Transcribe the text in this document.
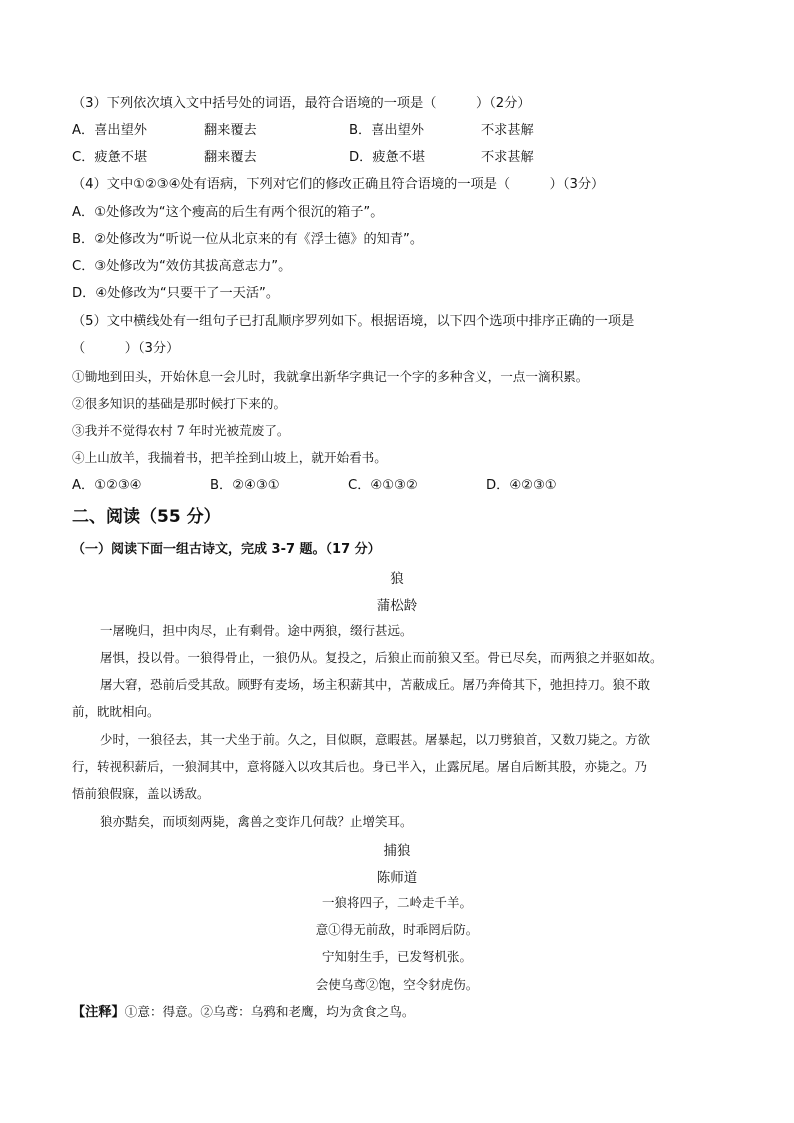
（3）下列依次填入文中括号处的词语，最符合语境的一项是（　　　）（2分）
A．喜出望外	翻来覆去	B．喜出望外	不求甚解
C．疲惫不堪	翻来覆去	D．疲惫不堪	不求甚解
（4）文中①②③④处有语病，下列对它们的修改正确且符合语境的一项是（　　　）（3分）
A．①处修改为“这个瘦高的后生有两个很沉的箱子”。
B．②处修改为“听说一位从北京来的有《浮士德》的知青”。
C．③处修改为“效仿其拔高意志力”。
D．④处修改为“只要干了一天活”。
（5）文中横线处有一组句子已打乱顺序罗列如下。根据语境，以下四个选项中排序正确的一项是
（　　　）（3分）
①锄地到田头，开始休息一会儿时，我就拿出新华字典记一个字的多种含义，一点一滴积累。
②很多知识的基础是那时候打下来的。
③我并不觉得农村 7 年时光被荒废了。
④上山放羊，我揣着书，把羊拴到山坡上，就开始看书。
A．①②③④	B．②④③①	C．④①③②	D．④②③①
二、阅读（55 分）
（一）阅读下面一组古诗文，完成 3-7 题。（17 分）
狼
蒲松龄
一屠晚归，担中肉尽，止有剩骨。途中两狼，缀行甚远。
屠惧，投以骨。一狼得骨止，一狼仍从。复投之，后狼止而前狼又至。骨已尽矣，而两狼之并驱如故。
屠大窘，恐前后受其敌。顾野有麦场，场主积薪其中，苫蔽成丘。屠乃奔倚其下，弛担持刀。狼不敢
前，眈眈相向。
少时，一狼径去，其一犬坐于前。久之，目似瞑，意暇甚。屠暴起，以刀劈狼首，又数刀毙之。方欲
行，转视积薪后，一狼洞其中，意将隧入以攻其后也。身已半入，止露尻尾。屠自后断其股，亦毙之。乃
悟前狼假寐，盖以诱敌。
狼亦黠矣，而顷刻两毙，禽兽之变诈几何哉？止增笑耳。
捕狼
陈师道
一狼将四子，二岭走千羊。
意①得无前敌，时乖罔后防。
宁知射生手，已发弩机张。
会使乌鸢②饱，空令豺虎伤。
【注释】①意：得意。②乌鸢：乌鸦和老鹰，均为贪食之鸟。
